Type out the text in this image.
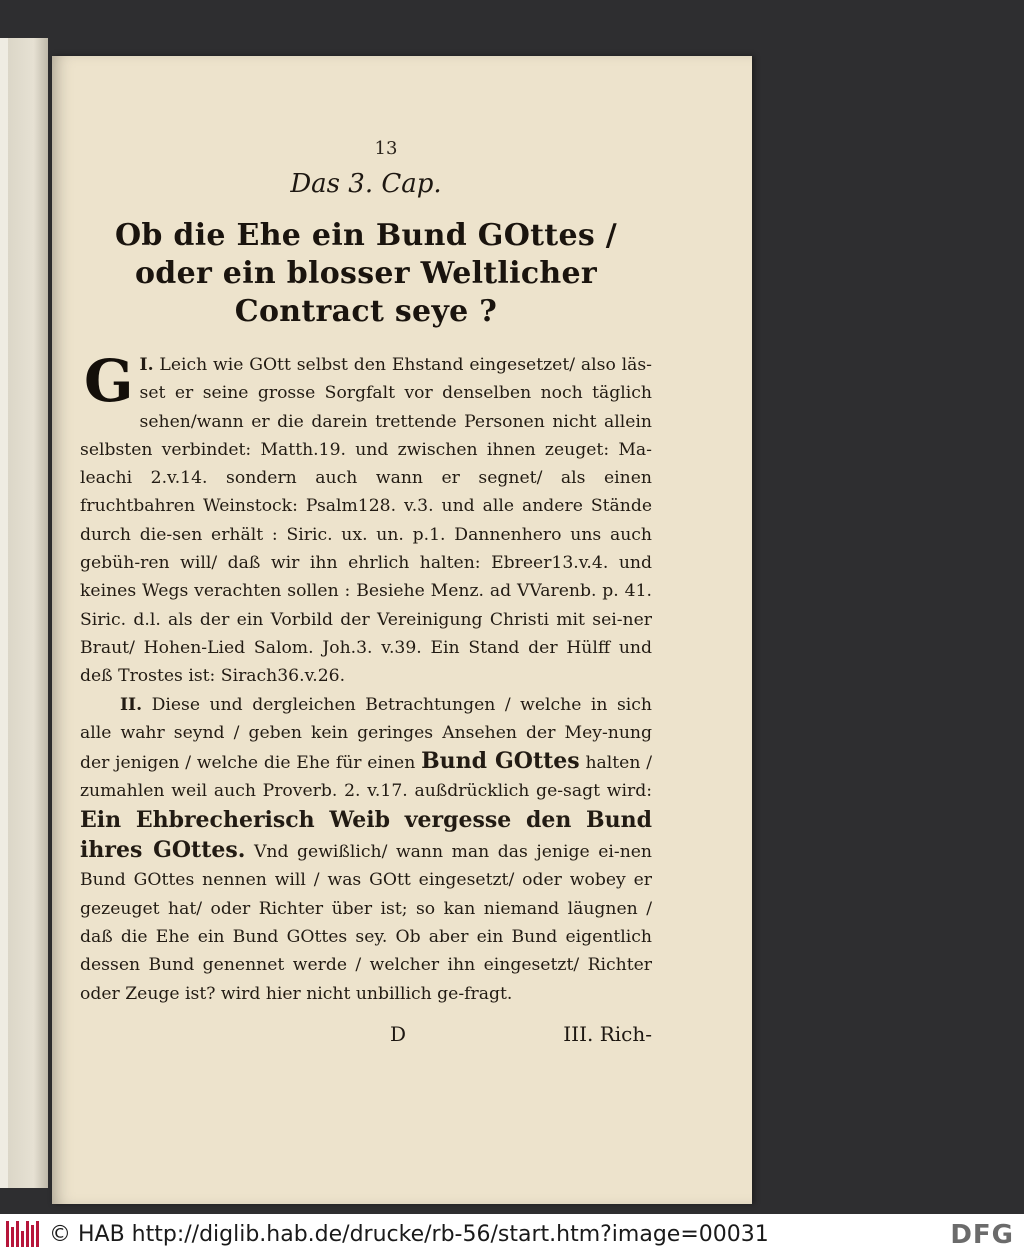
13
Das 3. Cap.
Ob die Ehe ein Bund GOttes / oder ein blosser Weltlicher Contract seye ?

I.
G Leich wie GOtt selbst den Ehstand eingesetzet/ also läs-set er seine grosse Sorgfalt vor denselben noch täglich sehen/wann er die darein trettende Personen nicht allein selbsten verbindet: Matth.19. und zwischen ihnen zeuget: Ma-leachi 2.v.14. sondern auch wann er segnet/ als einen fruchtbahren Weinstock: Psalm128. v.3. und alle andere Stände durch die-sen erhält : Siric. ux. un. p.1. Dannenhero uns auch gebüh-ren will/ daß wir ihn ehrlich halten: Ebreer13.v.4. und keines Wegs verachten sollen : Besiehe Menz. ad VVarenb. p. 41. Siric. d.l. als der ein Vorbild der Vereinigung Christi mit sei-ner Braut/ Hohen-Lied Salom. Joh.3. v.39. Ein Stand der Hülff und deß Trostes ist: Sirach36.v.26.

II. Diese und dergleichen Betrachtungen / welche in sich alle wahr seynd / geben kein geringes Ansehen der Mey-nung der jenigen / welche die Ehe für einen Bund GOttes halten / zumahlen weil auch Proverb. 2. v.17. außdrücklich ge-sagt wird: Ein Ehbrecherisch Weib vergesse den Bund ihres GOttes. Vnd gewißlich/ wann man das jenige ei-nen Bund GOttes nennen will / was GOtt eingesetzt/ oder wobey er gezeuget hat/ oder Richter über ist; so kan niemand läugnen / daß die Ehe ein Bund GOttes sey. Ob aber ein Bund eigentlich dessen Bund genennet werde / welcher ihn eingesetzt/ Richter oder Zeuge ist? wird hier nicht unbillich ge-fragt.

D	III. Rich-
© HAB http://diglib.hab.de/drucke/rb-56/start.htm?image=00031	DFG
